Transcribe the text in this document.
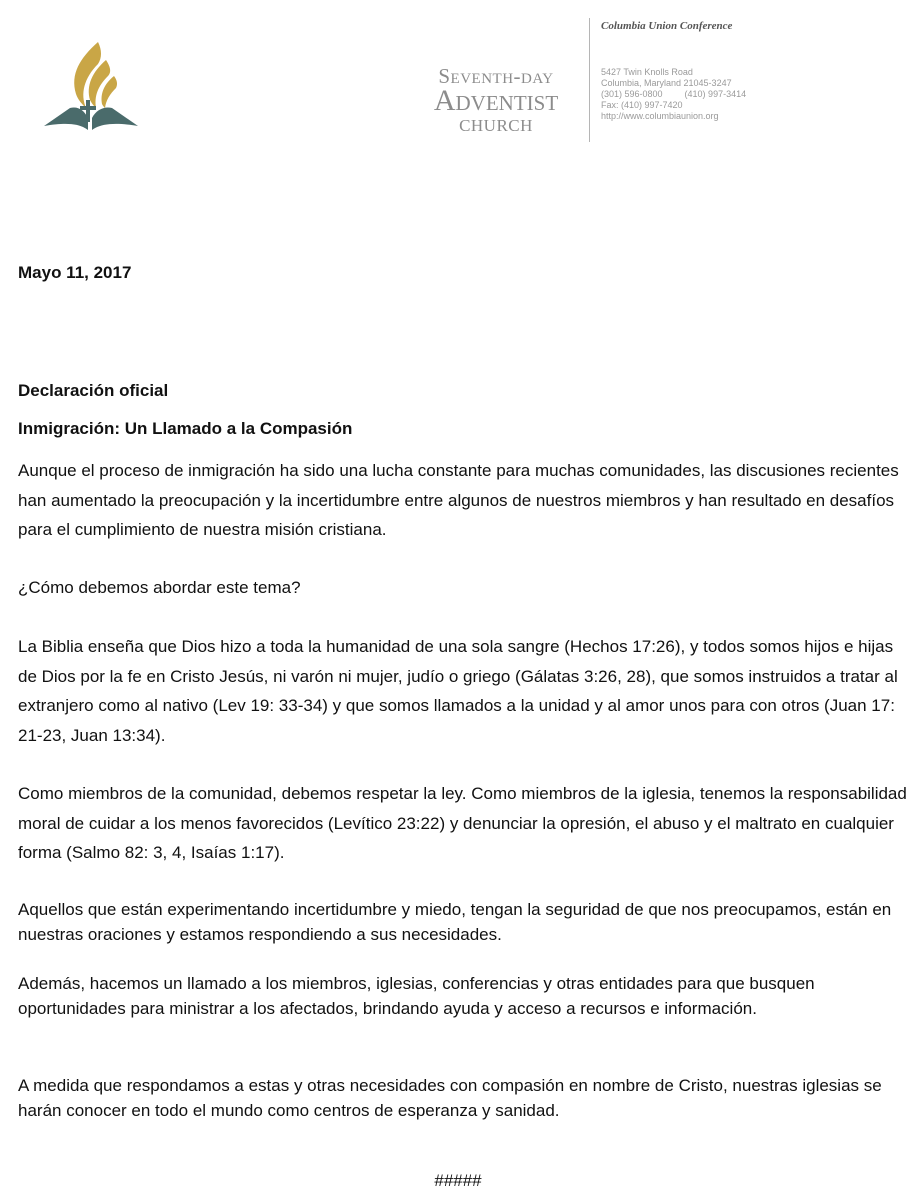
Seventh-day
Adventist
CHURCH
Columbia Union Conference
5427 Twin Knolls Road
Columbia, Maryland 21045-3247
(301) 596-0800 (410) 997-3414
Fax: (410) 997-7420
http://www.columbiaunion.org
Mayo 11, 2017
Declaración oficial
Inmigración: Un Llamado a la Compasión

Aunque el proceso de inmigración ha sido una lucha constante para muchas comunidades, las discusiones recientes han aumentado la preocupación y la incertidumbre entre algunos de nuestros miembros y han resultado en desafíos para el cumplimiento de nuestra misión cristiana.

¿Cómo debemos abordar este tema?

La Biblia enseña que Dios hizo a toda la humanidad de una sola sangre (Hechos 17:26), y todos somos hijos e hijas de Dios por la fe en Cristo Jesús, ni varón ni mujer, judío o griego (Gálatas 3:26, 28), que somos instruidos a tratar al extranjero como al nativo (Lev 19: 33-34) y que somos llamados a la unidad y al amor unos para con otros (Juan 17: 21-23, Juan 13:34).

Como miembros de la comunidad, debemos respetar la ley. Como miembros de la iglesia, tenemos la responsabilidad moral de cuidar a los menos favorecidos (Levítico 23:22) y denunciar la opresión, el abuso y el maltrato en cualquier forma (Salmo 82: 3, 4, Isaías 1:17).

Aquellos que están experimentando incertidumbre y miedo, tengan la seguridad de que nos preocupamos, están en nuestras oraciones y estamos respondiendo a sus necesidades.

Además, hacemos un llamado a los miembros, iglesias, conferencias y otras entidades para que busquen oportunidades para ministrar a los afectados, brindando ayuda y acceso a recursos e información.

A medida que respondamos a estas y otras necesidades con compasión en nombre de Cristo, nuestras iglesias se harán conocer en todo el mundo como centros de esperanza y sanidad.

#####
